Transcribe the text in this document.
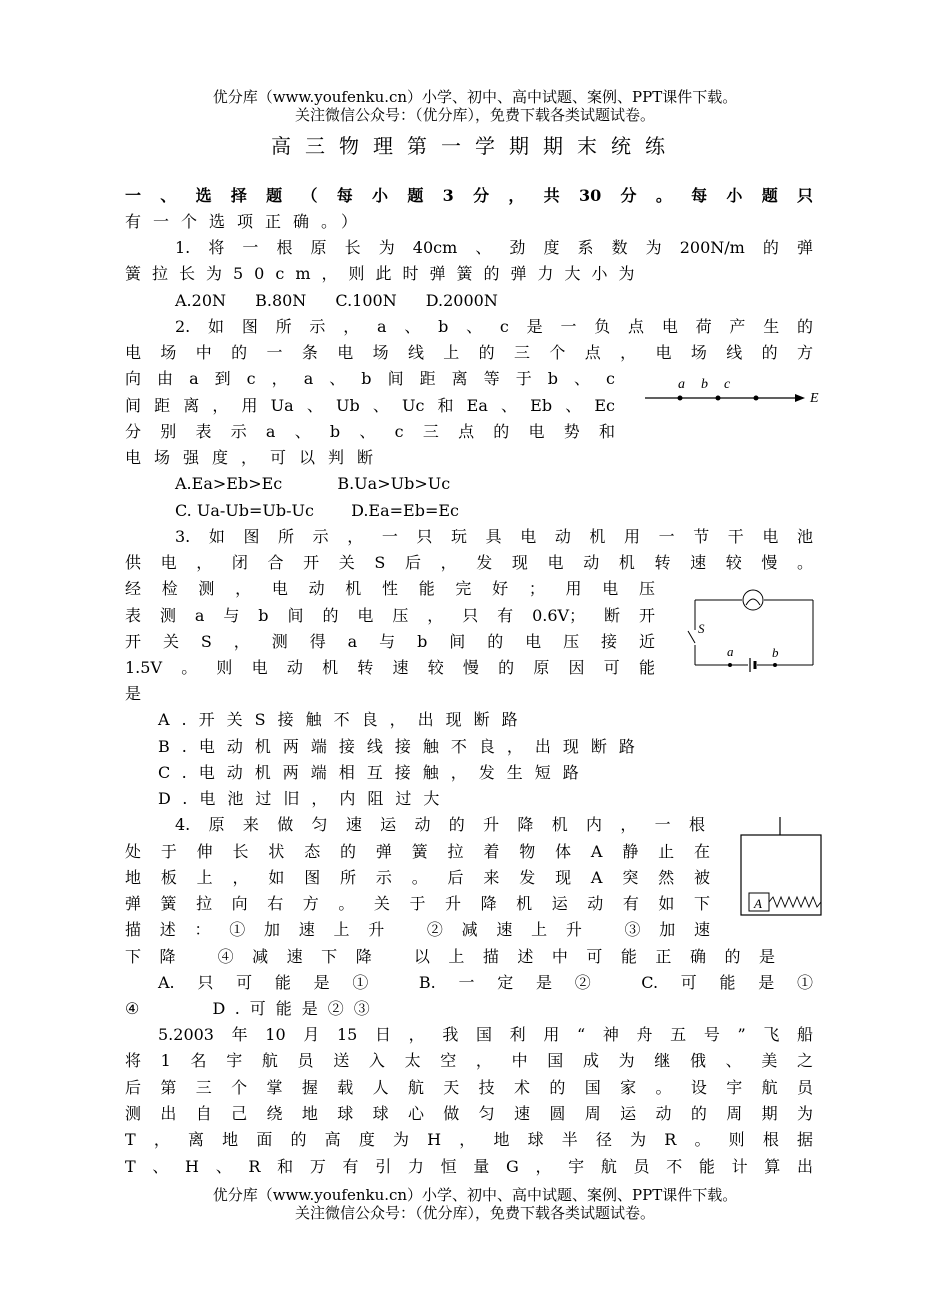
优分库（www.youfenku.cn）小学、初中、高中试题、案例、PPT课件下载。
关注微信公众号：（优分库），免费下载各类试题试卷。
高三物理第一学期期末统练
一、选择题（每小题3分，共30分。每小题只
有一个选项正确。）
1.将一根原长为40cm、劲度系数为200N/m的弹
簧拉长为50cm，则此时弹簧的弹力大小为
A.20N B.80N C.100N D.2000N
2.如图所示，a、b、c是一负点电荷产生的
电场中的一条电场线上的三个点，电场线的方
向由a到c，a、b间距离等于b、c
间距离，用Ua、Ub、Uc和Ea、Eb、Ec
分别表示a、b、c三点的电势和
电场强度，可以判断
A.Ea>Eb>Ec	B.Ua>Ub>Uc
C. Ua-Ub=Ub-Uc D.Ea=Eb=Ec
a b c
E
3.如图所示，一只玩具电动机用一节干电池
供电，闭合开关S后，发现电动机转速较慢。
经检测，电动机性能完好；用电压
表测a与b间的电压，只有0.6V；断开
开关S，测得a与b间的电压接近
1.5V。则电动机转速较慢的原因可能
是
A.开关S接触不良，出现断路
B.电动机两端接线接触不良，出现断路
C.电动机两端相互接触，发生短路
D.电池过旧，内阻过大
S
a	b
4.原来做匀速运动的升降机内，一根
处于伸长状态的弹簧拉着物体A静止在
地板上，如图所示。后来发现A突然被
弹簧拉向右方。关于升降机运动有如下
描述：①加速上升 ②减速上升 ③加速
下降 ④减速下降 以上描述中可能正确的是
A.只可能是① B.一定是② C.可能是①
④	D.可能是②③
A
5.2003年10月15日，我国利用“神舟五号”飞船
将1名宇航员送入太空，中国成为继俄、美之
后第三个掌握载人航天技术的国家。设宇航员
测出自己绕地球球心做匀速圆周运动的周期为
T，离地面的高度为H，地球半径为R。则根据
T、H、R和万有引力恒量G，宇航员不能计算出
优分库（www.youfenku.cn）小学、初中、高中试题、案例、PPT课件下载。
关注微信公众号：（优分库），免费下载各类试题试卷。
